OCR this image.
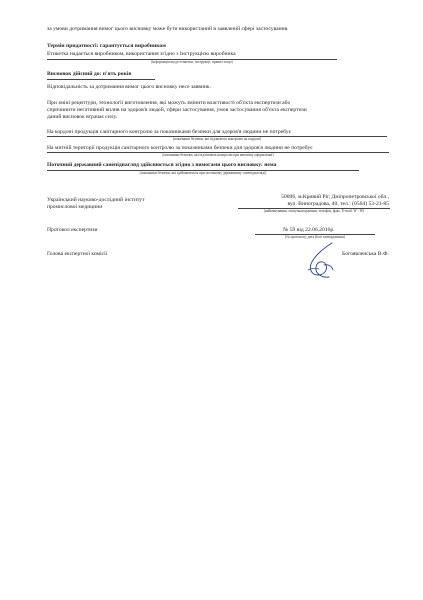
за умови дотримання вимог цього висновку може бути використаний в заявленій сфері застосування.
Термін придатності: гарантується виробником
Етикетка надається виробником, використання згідно з Інструкцією виробника
(інформація щодо етикетки, інструкції, правил тощо)
Висновок дійсний до: п'ять років
Відповідальність за дотримання вимог цього висновку несе заявник.
При зміні рецептури, технології виготовлення, які можуть змінити властивості об'єкта експертизи або
спричинити негативний вплив на здоров'я людей, сфери застосування, умов застосування об'єкта експертизи
даний висновок втрачає силу.
На кордоні продукція санітарного контролю за показниками безпеки для здоров'я людини не потребує
(показники безпеки, які підлягають контролю на кордоні)
На митній території продукція санітарного контролю за показниками безпеки для здоров'я людини не потребує
(показники безпеки, які підлягають контролю при митному оформленні)
Поточний державний санепіднагляд здійснюється згідно з вимогами цього висновку: нема
(показники безпеки, які здійснюються при поточному державному санепіднагляді)
Український науково-дослідний інститут
промислової медицини
50096, м.Кривий Ріг, Дніпропетровської обл.,
вул. Виноградова, 40, тел.: (0564) 53-21-85
(найменування, місцезнаходження, телефон, факс, E-mail, W - W)
Протокол експертизи	№ 59 від 22.06.2016р.
(№ протоколу, дата його затвердження)
Голова експертної комісії	Богоявленська В.Ф.
